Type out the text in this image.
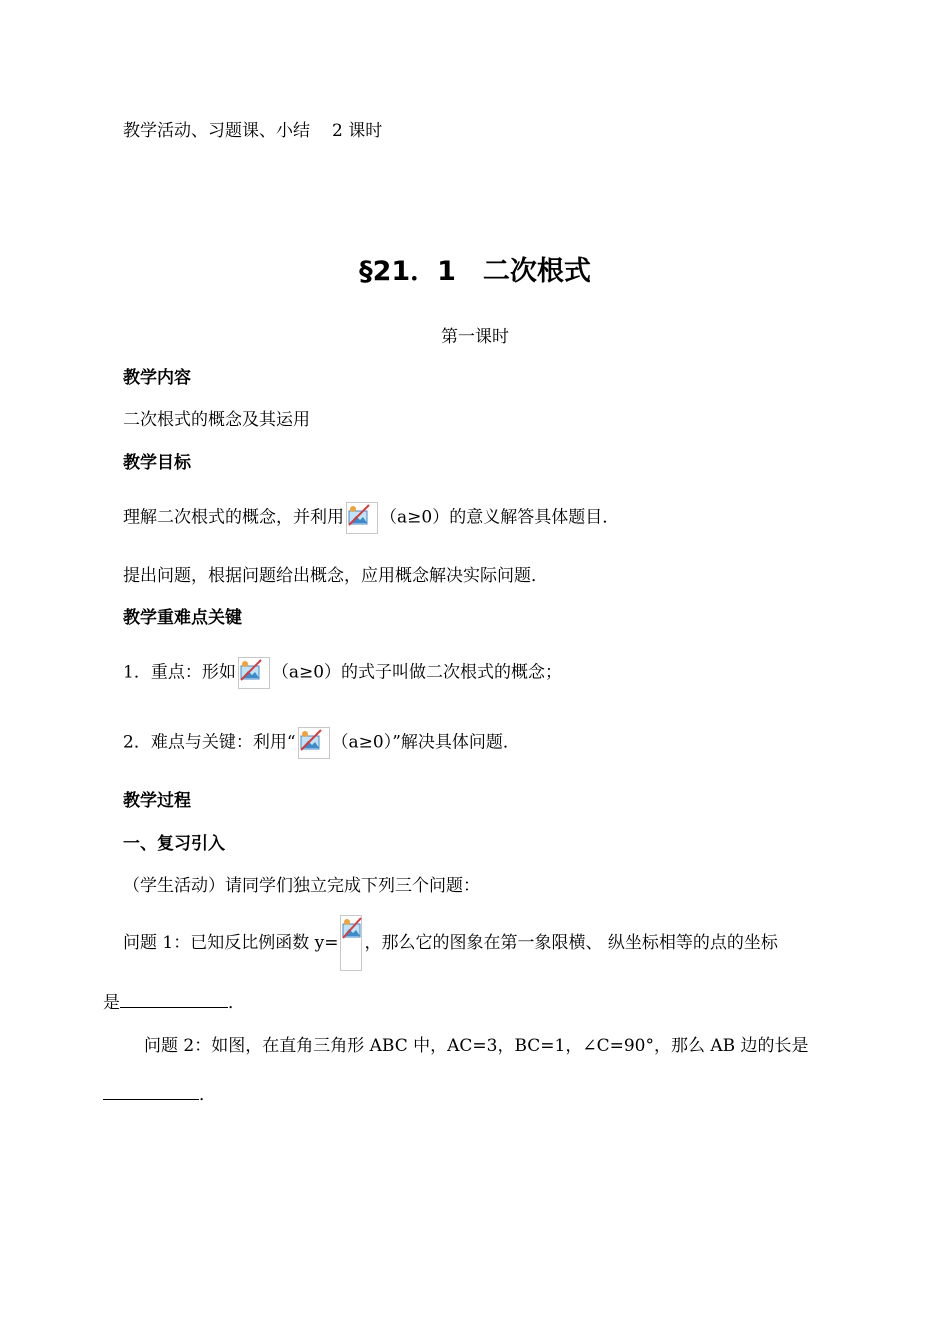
教学活动、习题课、小结 2 课时
§21．1　二次根式
第一课时
教学内容
二次根式的概念及其运用
教学目标
理解二次根式的概念，并利用 （a≥0）的意义解答具体题目．
提出问题，根据问题给出概念，应用概念解决实际问题．
教学重难点关键
1．重点：形如 （a≥0）的式子叫做二次根式的概念；
2．难点与关键：利用“ （a≥0）”解决具体问题．
教学过程
一、复习引入
（学生活动）请同学们独立完成下列三个问题：
问题 1：已知反比例函数 y= ，那么它的图象在第一象限横、 纵坐标相等的点的坐标
是	．
问题 2：如图，在直角三角形 ABC 中，AC=3，BC=1，∠C=90°，那么 AB 边的长是
．
